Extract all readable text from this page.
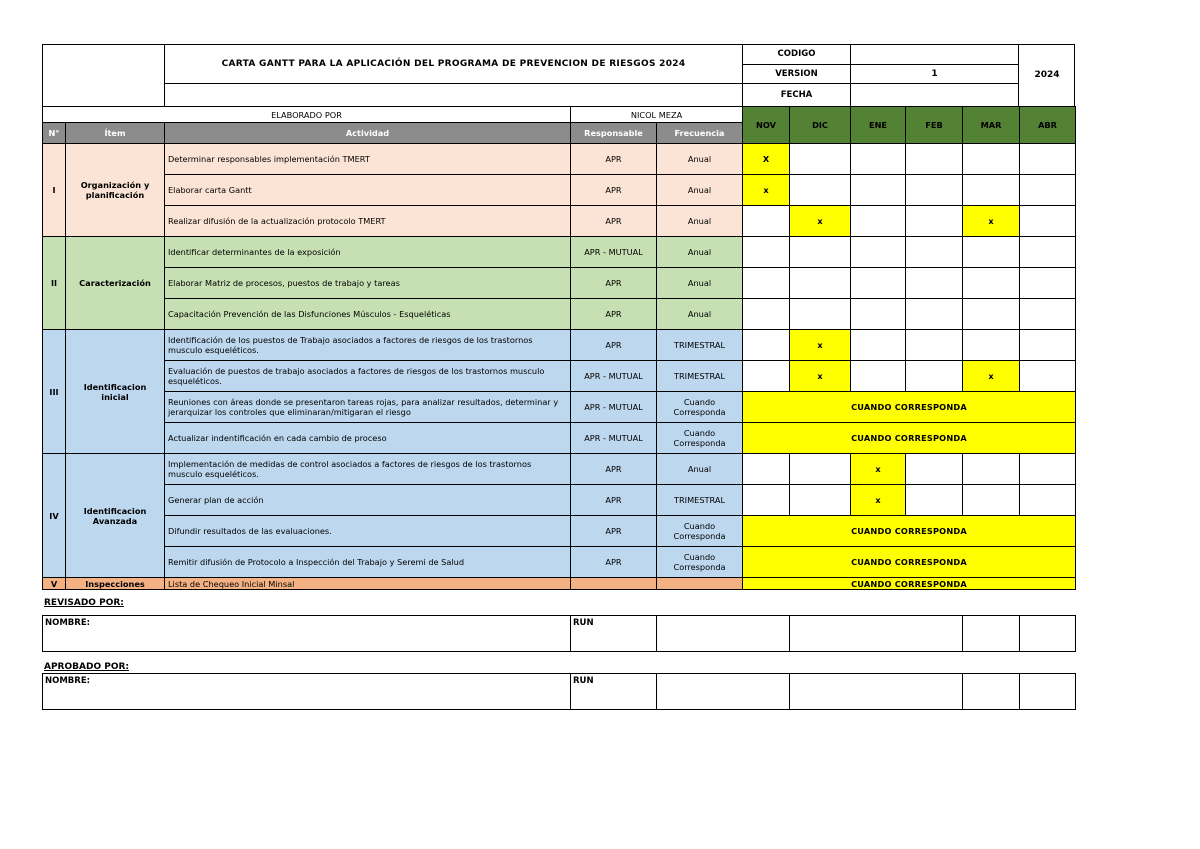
CARTA GANTT PARA LA APLICACIÓN DEL PROGRAMA DE PREVENCION DE RIESGOS 2024
CODIGO
VERSION	1
FECHA
2024
ELABORADO POR			NICOL MEZA		NOV	DIC	ENE	FEB	MAR	ABR
N°	Ítem	Actividad	Responsable	Frecuencia						
I	Organización y planificación	Determinar responsables implementación TMERT	APR	Anual	X					
		Elaborar carta Gantt	APR	Anual	x					
		Realizar difusión de la actualización protocolo TMERT	APR	Anual		x			x	
II	Caracterización	Identificar determinantes de la exposición	APR - MUTUAL	Anual						
		Elaborar Matriz de procesos, puestos de trabajo y tareas	APR	Anual						
		Capacitación Prevención de las Disfunciones Músculos - Esqueléticas	APR	Anual						
III	Identificacion inicial	Identificación de los puestos de Trabajo asociados a factores de riesgos de los trastornos musculo esqueléticos.	APR	TRIMESTRAL		x				
		Evaluación de puestos de trabajo asociados a factores de riesgos de los trastornos musculo esqueléticos.	APR - MUTUAL	TRIMESTRAL		x			x	
		Reuniones con áreas donde se presentaron tareas rojas, para analizar resultados, determinar y jerarquizar los controles que eliminaran/mitigaran el riesgo	APR - MUTUAL	Cuando Corresponda	CUANDO CORRESPONDA					
		Actualizar indentificación en cada cambio de proceso	APR - MUTUAL	Cuando Corresponda	CUANDO CORRESPONDA					
IV	Identificacion Avanzada	Implementación de medidas de control asociados a factores de riesgos de los trastornos musculo esqueléticos.	APR	Anual			x			
		Generar plan de acción	APR	TRIMESTRAL			x			
		Difundir resultados de las evaluaciones.	APR	Cuando Corresponda	CUANDO CORRESPONDA					
		Remitir difusión de Protocolo a Inspección del Trabajo y Seremi de Salud	APR	Cuando Corresponda	CUANDO CORRESPONDA					
V	Inspecciones	Lista de Chequeo Inicial Minsal			CUANDO CORRESPONDA					
REVISADO POR:
NOMBRE:	RUN				
APROBADO POR:
NOMBRE:	RUN				
